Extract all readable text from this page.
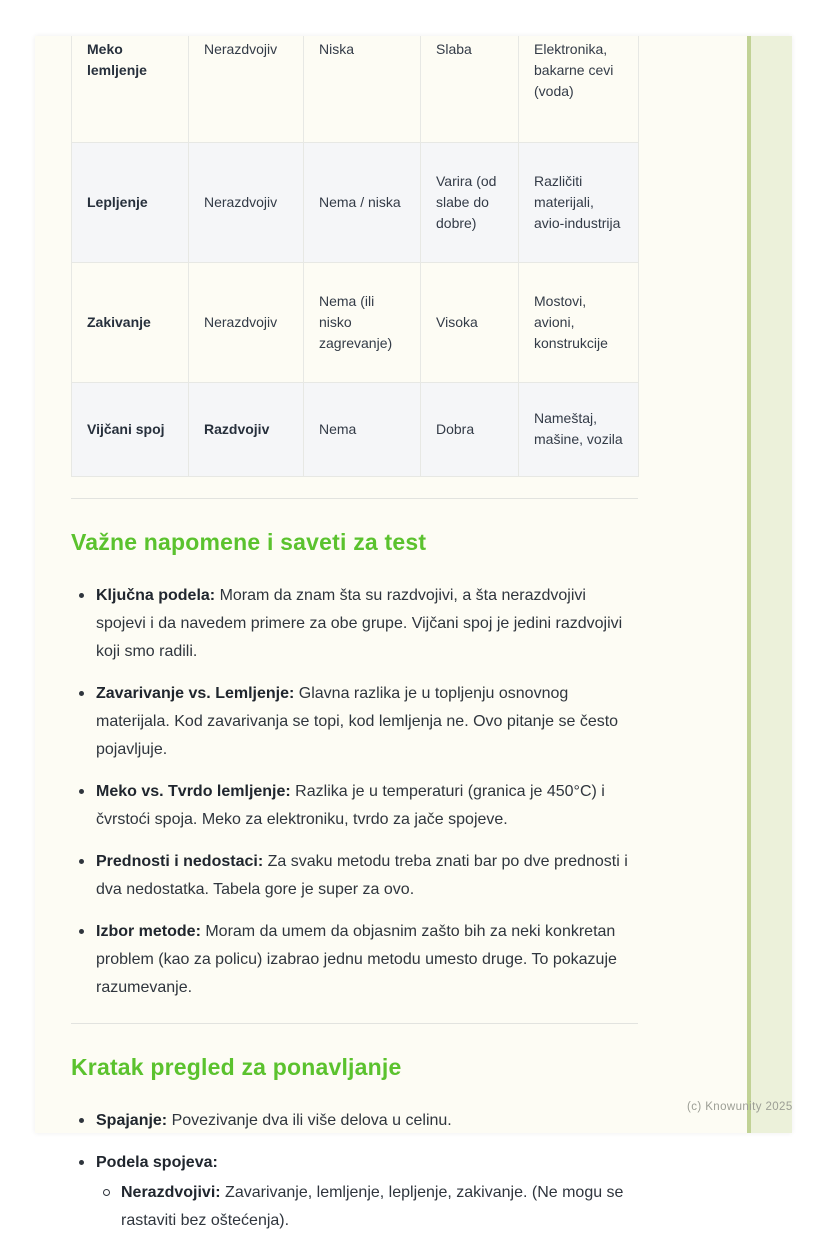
Meko lemljenje	Nerazdvojiv	Niska	Slaba	Elektronika, bakarne cevi (voda)
Lepljenje	Nerazdvojiv	Nema / niska	Varira (od slabe do dobre)	Različiti materijali, avio-industrija
Zakivanje	Nerazdvojiv	Nema (ili nisko zagrevanje)	Visoka	Mostovi, avioni, konstrukcije
Vijčani spoj	Razdvojiv	Nema	Dobra	Nameštaj, mašine, vozila
Važne napomene i saveti za test
Ključna podela: Moram da znam šta su razdvojivi, a šta nerazdvojivi spojevi i da navedem primere za obe grupe. Vijčani spoj je jedini razdvojivi koji smo radili.
Zavarivanje vs. Lemljenje: Glavna razlika je u topljenju osnovnog materijala. Kod zavarivanja se topi, kod lemljenja ne. Ovo pitanje se često pojavljuje.
Meko vs. Tvrdo lemljenje: Razlika je u temperaturi (granica je 450°C) i čvrstoći spoja. Meko za elektroniku, tvrdo za jače spojeve.
Prednosti i nedostaci: Za svaku metodu treba znati bar po dve prednosti i dva nedostatka. Tabela gore je super za ovo.
Izbor metode: Moram da umem da objasnim zašto bih za neki konkretan problem (kao za policu) izabrao jednu metodu umesto druge. To pokazuje razumevanje.
Kratak pregled za ponavljanje
Spajanje: Povezivanje dva ili više delova u celinu.
Podela spojeva:
Nerazdvojivi: Zavarivanje, lemljenje, lepljenje, zakivanje. (Ne mogu se rastaviti bez oštećenja).
(c) Knowunity 2025
